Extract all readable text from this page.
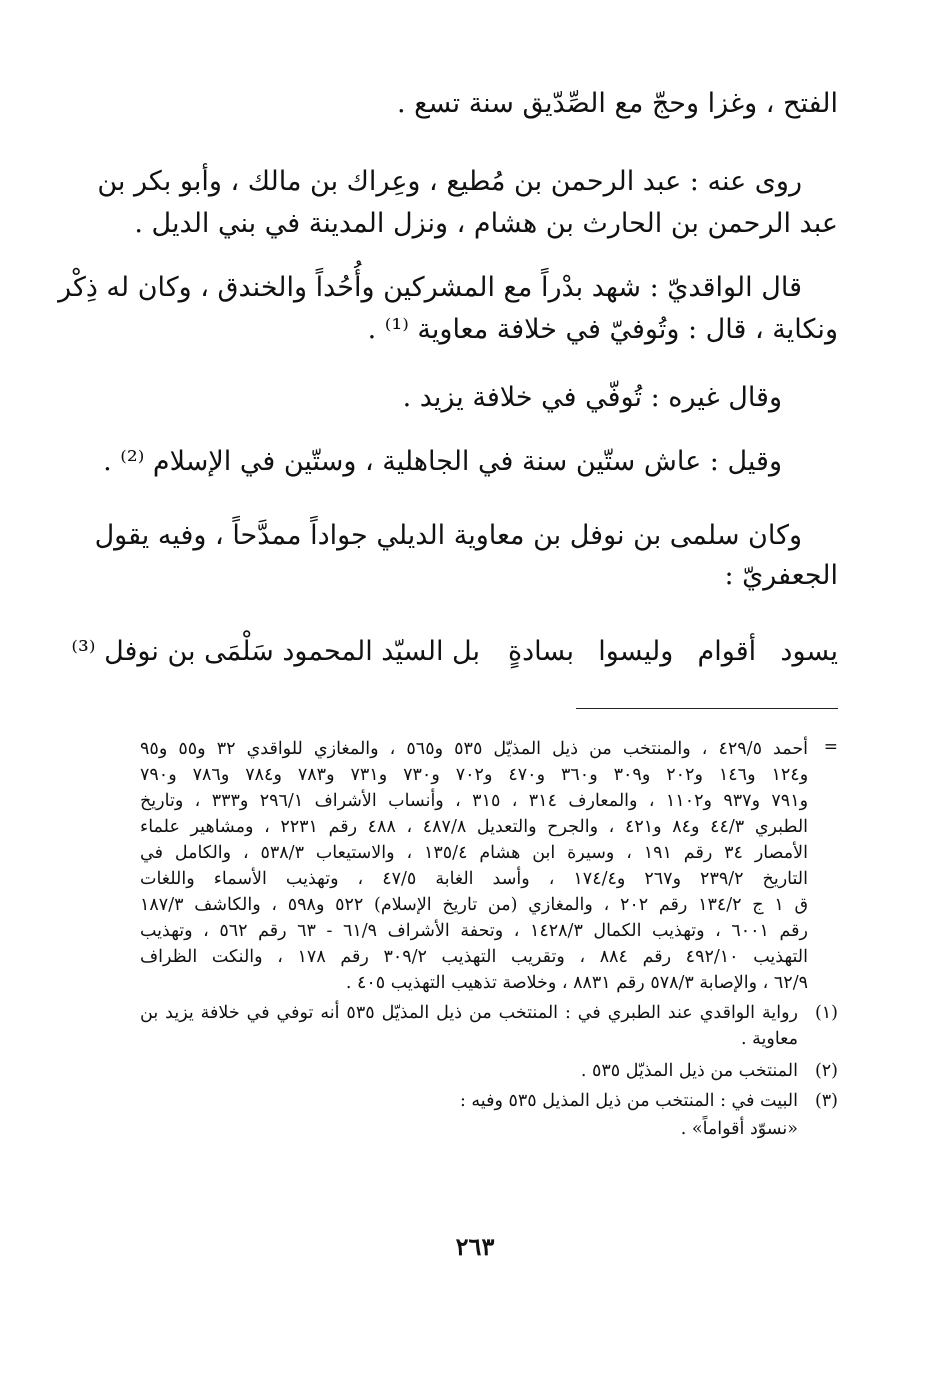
الفتح ، وغزا وحجّ مع الصِّدّيق سنة تسع .
روى عنه : عبد الرحمن بن مُطيع ، وعِراك بن مالك ، وأبو بكر بن
عبد الرحمن بن الحارث بن هشام ، ونزل المدينة في بني الديل .
قال الواقديّ : شهد بدْراً مع المشركين وأُحُداً والخندق ، وكان له ذِكْر
ونكاية ، قال : وتُوفيّ في خلافة معاوية ⁽¹⁾ .
وقال غيره : تُوفّي في خلافة يزيد .
وقيل : عاش ستّين سنة في الجاهلية ، وستّين في الإسلام ⁽²⁾ .
وكان سلمى بن نوفل بن معاوية الديلي جواداً ممدَّحاً ، وفيه يقول
الجعفريّ :
يسود أقوام وليسوا بسادةٍ
بل السيّد المحمود سَلْمَى بن نوفل ⁽³⁾
=
أحمد ٤٢٩/٥ ، والمنتخب من ذيل المذيّل ٥٣٥ و٥٦٥ ، والمغازي للواقدي ٣٢ و٥٥ و٩٥
و١٢٤ و١٤٦ و٢٠٢ و٣٠٩ و٣٦٠ و٤٧٠ و٧٠٢ و٧٣٠ و٧٣١ و٧٨٣ و٧٨٤ و٧٨٦ و٧٩٠
و٧٩١ و٩٣٧ و١١٠٢ ، والمعارف ٣١٤ ، ٣١٥ ، وأنساب الأشراف ٢٩٦/١ و٣٣٣ ، وتاريخ
الطبري ٤٤/٣ و٨٤ و٤٢١ ، والجرح والتعديل ٤٨٧/٨ ، ٤٨٨ رقم ٢٢٣١ ، ومشاهير علماء
الأمصار ٣٤ رقم ١٩١ ، وسيرة ابن هشام ١٣٥/٤ ، والاستيعاب ٥٣٨/٣ ، والكامل في
التاريخ ٢٣٩/٢ و٢٦٧ و١٧٤/٤ ، وأسد الغابة ٤٧/٥ ، وتهذيب الأسماء واللغات
ق ١ ج ١٣٤/٢ رقم ٢٠٢ ، والمغازي (من تاريخ الإسلام) ٥٢٢ و٥٩٨ ، والكاشف ١٨٧/٣
رقم ٦٠٠١ ، وتهذيب الكمال ١٤٢٨/٣ ، وتحفة الأشراف ٦١/٩ - ٦٣ رقم ٥٦٢ ، وتهذيب
التهذيب ٤٩٢/١٠ رقم ٨٨٤ ، وتقريب التهذيب ٣٠٩/٢ رقم ١٧٨ ، والنكت الظراف
٦٢/٩ ، والإصابة ٥٧٨/٣ رقم ٨٨٣١ ، وخلاصة تذهيب التهذيب ٤٠٥ .
(١)
رواية الواقدي عند الطبري في : المنتخب من ذيل المذيّل ٥٣٥ أنه توفي في خلافة يزيد بن
معاوية .
(٢)
المنتخب من ذيل المذيّل ٥٣٥ .
(٣)
البيت في : المنتخب من ذيل المذيل ٥٣٥ وفيه :
«نسوّد أقواماً» .
٢٦٣
